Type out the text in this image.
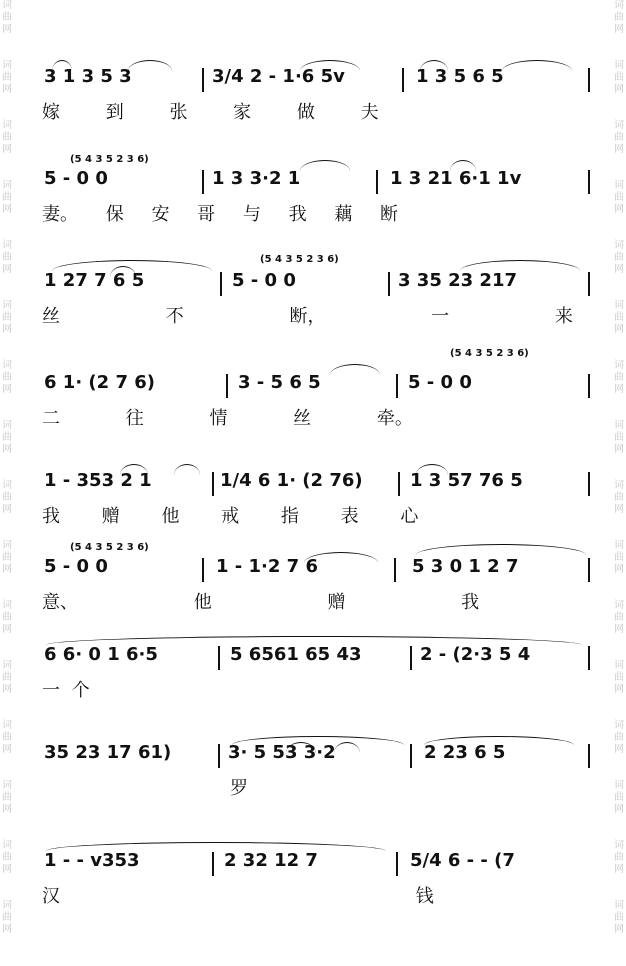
词
曲
网
词
曲
网
词
曲
网
词
曲
网
词
曲
网
词
曲
网
词
曲
网
词
曲
网
词
曲
网
词
曲
网
词
曲
网
词
曲
网
词
曲
网
词
曲
网
词
曲
网
词
曲
网
词
曲
网
词
曲
网
词
曲
网
词
曲
网
词
曲
网
词
曲
网
词
曲
网
词
曲
网
词
曲
网
词
曲
网
词
曲
网
词
曲
网
词
曲
网
词
曲
网
词
曲
网
词
曲
网
3 1 3 5 3	3/4 2 - 1·6 5v	1 3 5 6 5
嫁 到 张 家 做 夫
(5 4 3 5 2 3 6)
5 - 0 0	1 3 3·2 1	1 3 21 6·1 1v
妻。 保 安 哥 与 我 藕 断
(5 4 3 5 2 3 6)
1 27 7 6 5	5 - 0 0	3 35 23 217
丝 不 断， 一 来
(5 4 3 5 2 3 6)
6 1· (2 7 6)	3 - 5 6 5	5 - 0 0
二 往 情 丝 牵。
1 - 353 2 1	1/4 6 1· (2 76)	1 3 57 76 5
我 赠 他 戒 指 表 心
(5 4 3 5 2 3 6)
5 - 0 0	1 - 1·2 7 6	5 3 0 1 2 7
意、 他 赠 我
6 6· 0 1 6·5	5 6561 65 43	2 - (2·3 5 4
一 个
35 23 17 61)	3· 5 53 3·2	2 23 6 5
罗
1 - - v353	2 32 12 7	5/4 6 - - (7
汉 钱
